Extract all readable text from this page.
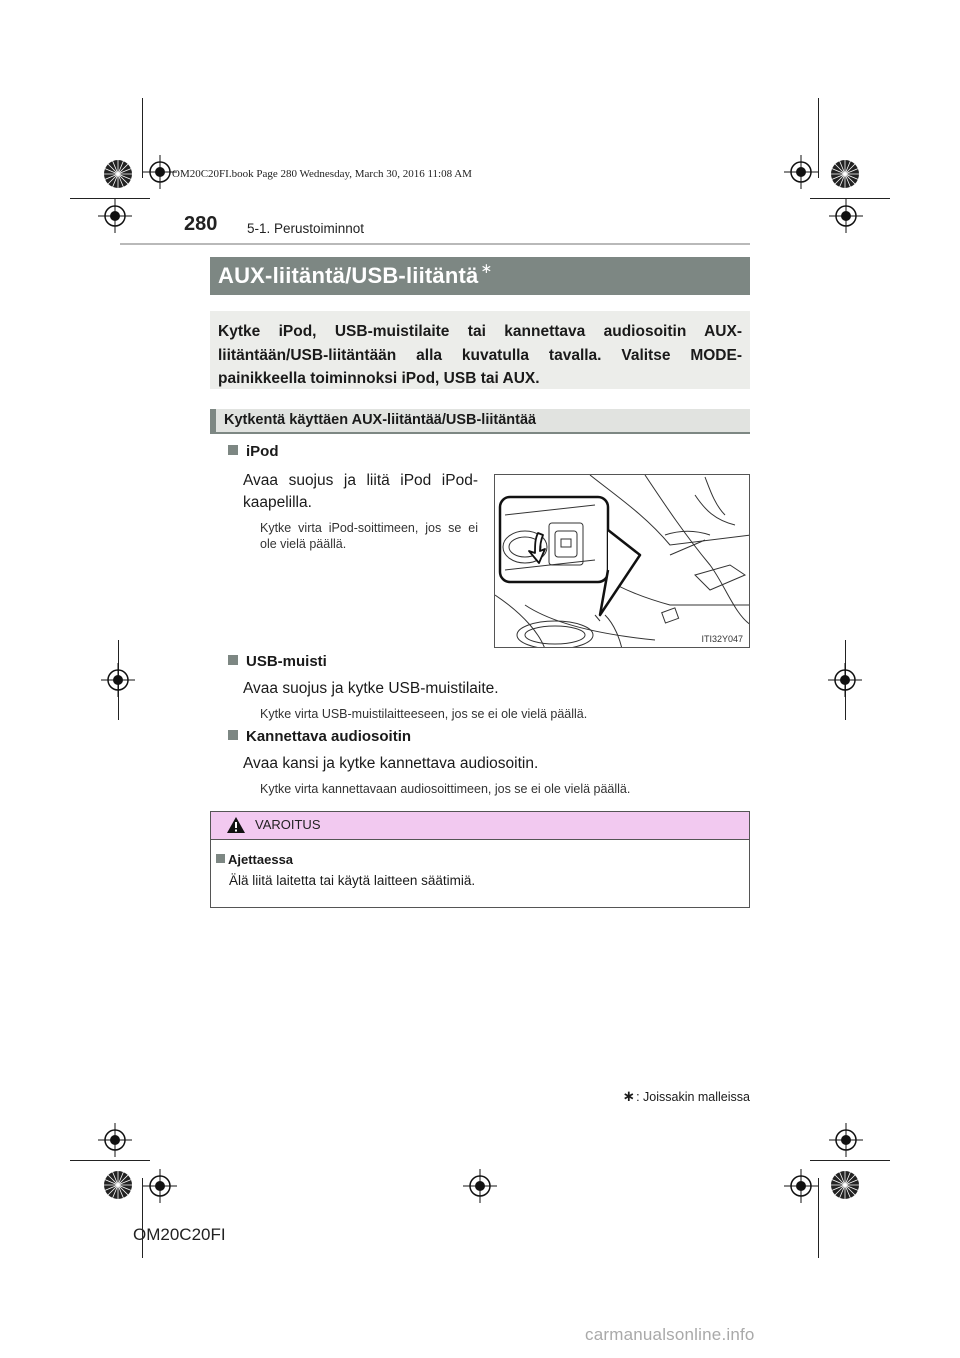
OM20C20FI.book Page 280 Wednesday, March 30, 2016 11:08 AM
280 5-1. Perustoiminnot
AUX-liitäntä/USB-liitäntä ∗
Kytke iPod, USB-muistilaite tai kannettava audiosoitin AUX-liitäntään/USB-liitäntään alla kuvatulla tavalla. Valitse MODE-painikkeella toiminnoksi iPod, USB tai AUX.
Kytkentä käyttäen AUX-liitäntää/USB-liitäntää
iPod
Avaa suojus ja liitä iPod iPod-kaapelilla.
Kytke virta iPod-soittimeen, jos se ei ole vielä päällä.
ITI32Y047
USB-muisti
Avaa suojus ja kytke USB-muistilaite.
Kytke virta USB-muistilaitteeseen, jos se ei ole vielä päällä.
Kannettava audiosoitin
Avaa kansi ja kytke kannettava audiosoitin.
Kytke virta kannettavaan audiosoittimeen, jos se ei ole vielä päällä.
VAROITUS
Ajettaessa
Älä liitä laitetta tai käytä laitteen säätimiä.
∗: Joissakin malleissa
OM20C20FI
carmanualsonline.info
